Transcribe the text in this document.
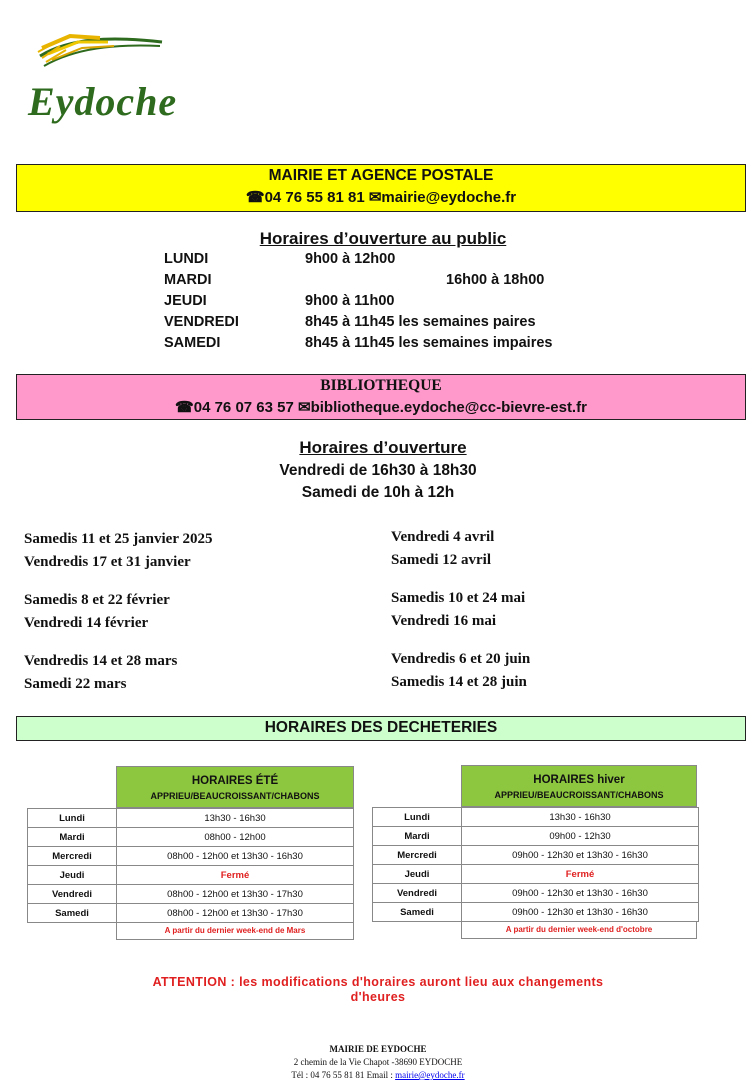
Eydoche
MAIRIE ET AGENCE POSTALE
☎04 76 55 81 81 ✉mairie@eydoche.fr
Horaires d’ouverture au public
LUNDI	9h00 à 12h00
MARDI	16h00 à 18h00
JEUDI	9h00 à 11h00
VENDREDI	8h45 à 11h45 les semaines paires
SAMEDI	8h45 à 11h45 les semaines impaires
BIBLIOTHEQUE
☎04 76 07 63 57 ✉bibliotheque.eydoche@cc-bievre-est.fr
Horaires d’ouverture
Vendredi de 16h30 à 18h30
Samedi de 10h à 12h
Samedis 11 et 25 janvier 2025
Vendredis 17 et 31 janvier
Samedis 8 et 22 février
Vendredi 14 février
Vendredis 14 et 28 mars
Samedi 22 mars
Vendredi 4 avril
Samedi 12 avril
Samedis 10 et 24 mai
Vendredi 16 mai
Vendredis 6 et 20 juin
Samedis 14 et 28 juin
HORAIRES DES DECHETERIES
HORAIRES ÉTÉ
APPRIEU/BEAUCROISSANT/CHABONS
Lundi	13h30 - 16h30
Mardi	08h00 - 12h00
Mercredi	08h00 - 12h00 et 13h30 - 16h30
Jeudi	Fermé
Vendredi	08h00 - 12h00 et 13h30 - 17h30
Samedi	08h00 - 12h00 et 13h30 - 17h30
A partir du dernier week-end de Mars
HORAIRES hiver
APPRIEU/BEAUCROISSANT/CHABONS
Lundi	13h30 - 16h30
Mardi	09h00 - 12h30
Mercredi	09h00 - 12h30 et 13h30 - 16h30
Jeudi	Fermé
Vendredi	09h00 - 12h30 et 13h30 - 16h30
Samedi	09h00 - 12h30 et 13h30 - 16h30
A partir du dernier week-end d'octobre
ATTENTION : les modifications d'horaires auront lieu aux changements
d'heures
MAIRIE DE EYDOCHE
2 chemin de la Vie Chapot -38690 EYDOCHE
Tél : 04 76 55 81 81 Email : mairie@eydoche.fr
